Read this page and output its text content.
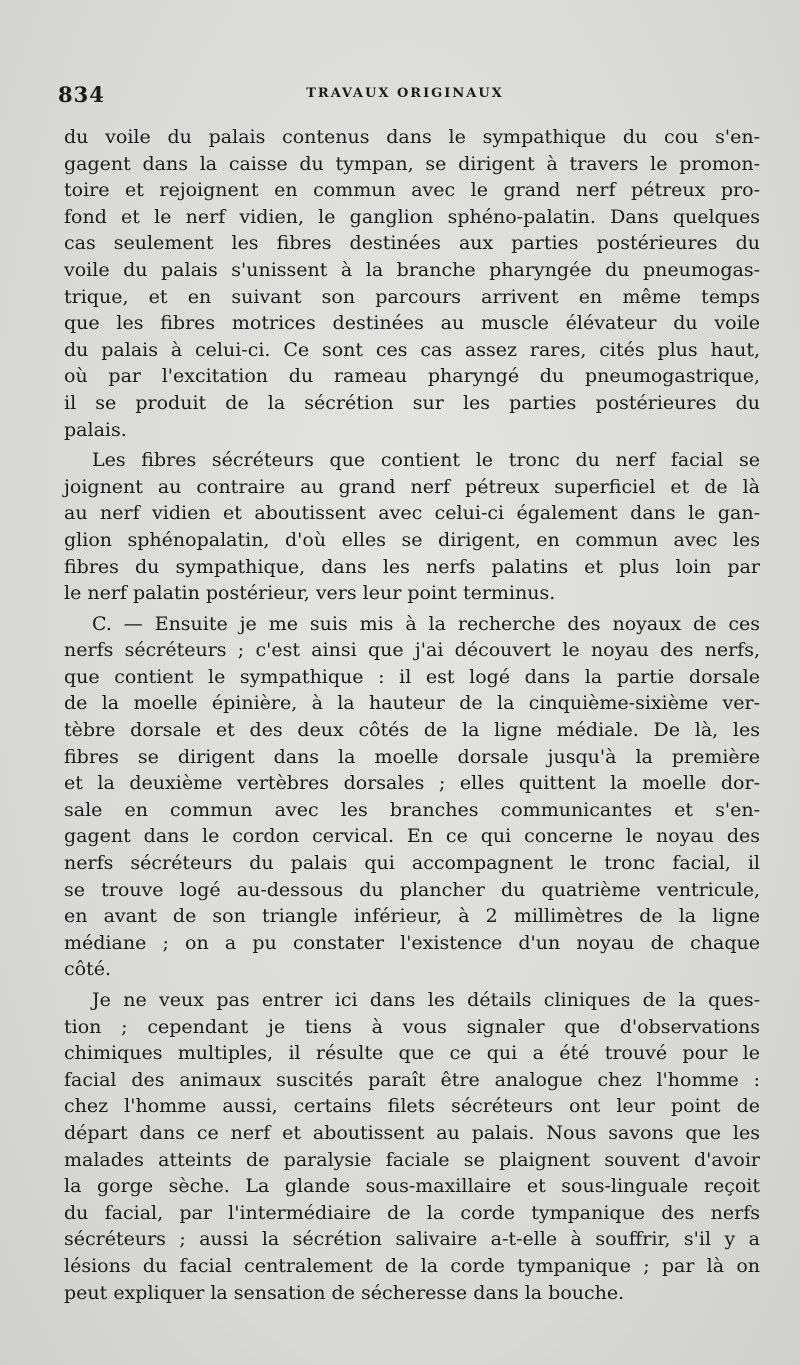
834	TRAVAUX ORIGINAUX
du voile du palais contenus dans le sympathique du cou s'en-
gagent dans la caisse du tympan, se dirigent à travers le promon-
toire et rejoignent en commun avec le grand nerf pétreux pro-
fond et le nerf vidien, le ganglion sphéno-palatin. Dans quelques
cas seulement les fibres destinées aux parties postérieures du
voile du palais s'unissent à la branche pharyngée du pneumogas-
trique, et en suivant son parcours arrivent en même temps
que les fibres motrices destinées au muscle élévateur du voile
du palais à celui-ci. Ce sont ces cas assez rares, cités plus haut,
où par l'excitation du rameau pharyngé du pneumogastrique,
il se produit de la sécrétion sur les parties postérieures du
palais.
Les fibres sécréteurs que contient le tronc du nerf facial se
joignent au contraire au grand nerf pétreux superficiel et de là
au nerf vidien et aboutissent avec celui-ci également dans le gan-
glion sphénopalatin, d'où elles se dirigent, en commun avec les
fibres du sympathique, dans les nerfs palatins et plus loin par
le nerf palatin postérieur, vers leur point terminus.
C. — Ensuite je me suis mis à la recherche des noyaux de ces
nerfs sécréteurs ; c'est ainsi que j'ai découvert le noyau des nerfs,
que contient le sympathique : il est logé dans la partie dorsale
de la moelle épinière, à la hauteur de la cinquième-sixième ver-
tèbre dorsale et des deux côtés de la ligne médiale. De là, les
fibres se dirigent dans la moelle dorsale jusqu'à la première
et la deuxième vertèbres dorsales ; elles quittent la moelle dor-
sale en commun avec les branches communicantes et s'en-
gagent dans le cordon cervical. En ce qui concerne le noyau des
nerfs sécréteurs du palais qui accompagnent le tronc facial, il
se trouve logé au-dessous du plancher du quatrième ventricule,
en avant de son triangle inférieur, à 2 millimètres de la ligne
médiane ; on a pu constater l'existence d'un noyau de chaque
côté.
Je ne veux pas entrer ici dans les détails cliniques de la ques-
tion ; cependant je tiens à vous signaler que d'observations
chimiques multiples, il résulte que ce qui a été trouvé pour le
facial des animaux suscités paraît être analogue chez l'homme :
chez l'homme aussi, certains filets sécréteurs ont leur point de
départ dans ce nerf et aboutissent au palais. Nous savons que les
malades atteints de paralysie faciale se plaignent souvent d'avoir
la gorge sèche. La glande sous-maxillaire et sous-linguale reçoit
du facial, par l'intermédiaire de la corde tympanique des nerfs
sécréteurs ; aussi la sécrétion salivaire a-t-elle à souffrir, s'il y a
lésions du facial centralement de la corde tympanique ; par là on
peut expliquer la sensation de sécheresse dans la bouche.
